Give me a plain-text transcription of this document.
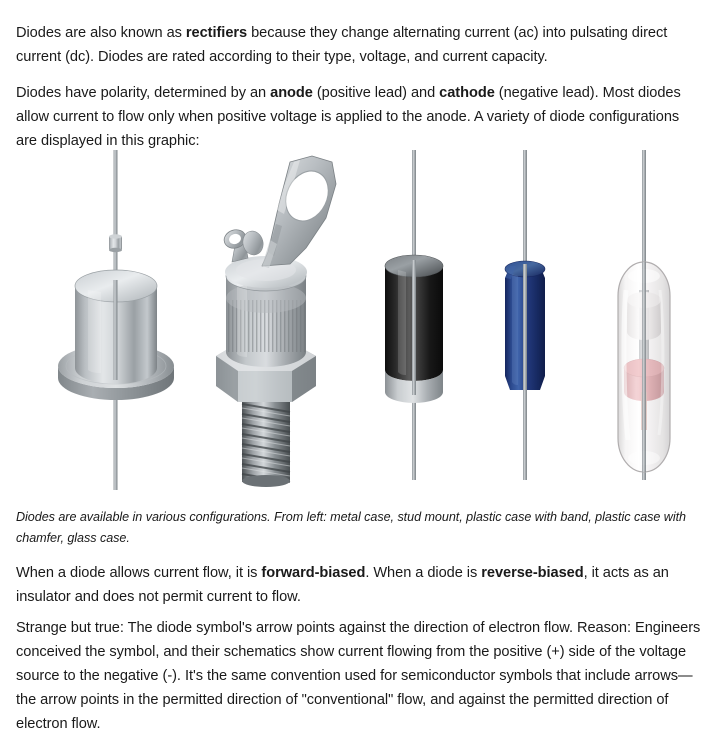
Diodes are also known as rectifiers because they change alternating current (ac) into pulsating direct current (dc). Diodes are rated according to their type, voltage, and current capacity.

Diodes have polarity, determined by an anode (positive lead) and cathode (negative lead). Most diodes allow current to flow only when positive voltage is applied to the anode. A variety of diode configurations are displayed in this graphic:

Diodes are available in various configurations. From left: metal case, stud mount, plastic case with band, plastic case with chamfer, glass case.

When a diode allows current flow, it is forward-biased. When a diode is reverse-biased, it acts as an insulator and does not permit current to flow.

Strange but true: The diode symbol's arrow points against the direction of electron flow. Reason: Engineers conceived the symbol, and their schematics show current flowing from the positive (+) side of the voltage source to the negative (-). It's the same convention used for semiconductor symbols that include arrows—the arrow points in the permitted direction of "conventional" flow, and against the permitted direction of electron flow.
